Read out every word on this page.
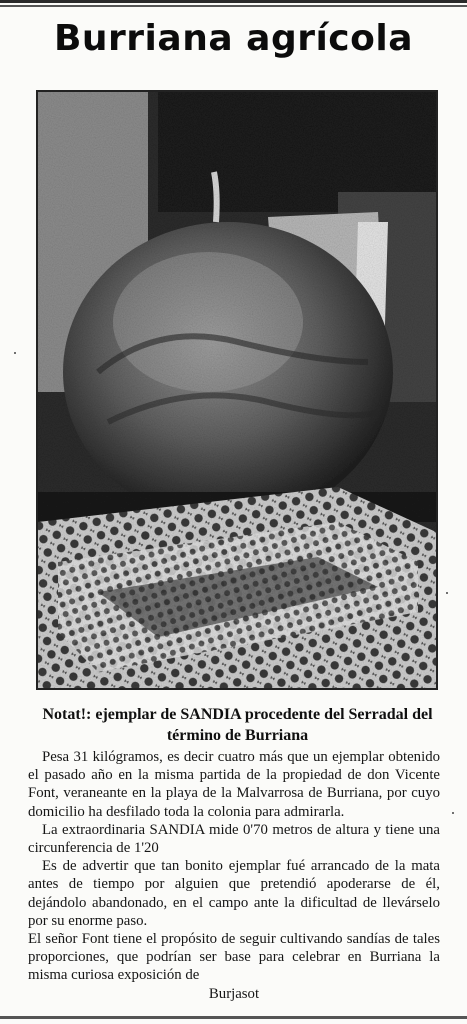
Burriana agrícola
Notat!: ejemplar de SANDIA procedente del Serradal del término de Burriana

Pesa 31 kilógramos, es decir cuatro más que un ejemplar obtenido el pasado año en la misma partida de la propiedad de don Vicente Font, veraneante en la playa de la Malvarrosa de Burriana, por cuyo domicilio ha desfilado toda la colonia para admirarla.

La extraordinaria SANDIA mide 0'70 metros de altura y tiene una circunferencia de 1'20

Es de advertir que tan bonito ejemplar fué arrancado de la mata antes de tiempo por alguien que pretendió apoderarse de él, dejándolo abandonado, en el campo ante la dificultad de llevárselo por su enorme paso.

El señor Font tiene el propósito de seguir cultivando sandías de tales proporciones, que podrían ser base para celebrar en Burriana la misma curiosa exposición de

Burjasot
